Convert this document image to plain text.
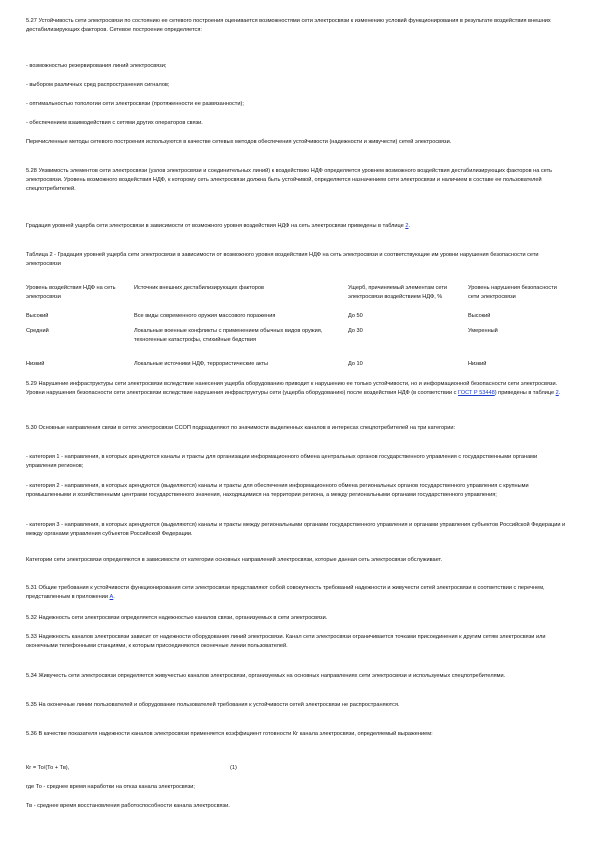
5.27 Устойчивость сети электросвязи по состоянию ее сетевого построения оценивается возможностями сети электросвязи к изменению условий функционирования в результате воздействия внешних дестабилизирующих факторов. Сетевое построение определяется:

- возможностью резервирования линий электросвязи;

- выбором различных сред распространения сигналов;

- оптимальностью топологии сети электросвязи (протяженности ее развязанности);

- обеспечением взаимодействия с сетями других операторов связи.

Перечисленные методы сетевого построения используются в качестве сетевых методов обеспечения устойчивости (надежности и живучести) сетей электросвязи.

5.28 Уязвимость элементов сети электросвязи (узлов электросвязи и соединительных линий) к воздействию НДФ определяется уровнем возможного воздействия дестабилизирующих факторов на сеть электросвязи. Уровень возможного воздействия НДФ, к которому сеть электросвязи должна быть устойчивой, определяется назначением сети электросвязи и наличием в составе ее пользователей спецпотребителей.

Градация уровней ущерба сети электросвязи в зависимости от возможного уровня воздействия НДФ на сеть электросвязи приведены в таблице 2.

Таблица 2 - Градация уровней ущерба сети электросвязи в зависимости от возможного уровня воздействия НДФ на сеть электросвязи и соответствующие им уровни нарушения безопасности сети электросвязи

Уровень воздействия НДФ на сеть электросвязи	Источник внешних дестабилизирующих факторов	Ущерб, причиняемый элементам сети электросвязи воздействием НДФ, %	Уровень нарушения безопасности сети электросвязи
Высокий	Все виды современного оружия массового поражения	До 50	Высокий
Средний	Локальные военные конфликты с применением обычных видов оружия, техногенные катастрофы, стихийные бедствия	До 30	Умеренный
Низкий	Локальные источники НДФ, террористические акты	До 10	Низкий

5.29 Нарушение инфраструктуры сети электросвязи вследствие нанесения ущерба оборудованию приводит к нарушению ее только устойчивости, но и информационной безопасности сети электросвязи. Уровни нарушения безопасности сети электросвязи вследствие нарушения инфраструктуры сети (ущерба оборудованию) после воздействия НДФ (в соответствии с ГОСТ Р 53448) приведены в таблице 2.

5.30 Основные направления связи в сетях электросвязи ССОП подразделяют по значимости выделенных каналов в интересах спецпотребителей на три категории:

- категория 1 - направления, в которых арендуются каналы и тракты для организации информационного обмена центральных органов государственного управления с государственными органами управления регионов;

- категория 2 - направления, в которых арендуются (выделяются) каналы и тракты для обеспечения информационного обмена региональных органов государственного управления с крупными промышленными и хозяйственными центрами государственного значения, находящимися на территории региона, а между региональными органами государственного управления;

- категория 3 - направления, в которых арендуются (выделяются) каналы и тракты между региональными органами государственного управления и органами управления субъектов Российской Федерации и между органами управления субъектов Российской Федерации.

Категории сети электросвязи определяются в зависимости от категории основных направлений электросвязи, которые данная сеть электросвязи обслуживает.

5.31 Общие требования к устойчивости функционирования сети электросвязи представляют собой совокупность требований надежности и живучести сетей электросвязи в соответствии с перечнем, представленным в приложении А.

5.32 Надежность сети электросвязи определяется надежностью каналов связи, организуемых в сети электросвязи.

5.33 Надежность каналов электросвязи зависит от надежности оборудования линий электросвязи. Канал сети электросвязи ограничивается точками присоединения к другим сетям электросвязи или оконечными телефонными станциями, к которым присоединяются оконечные линии пользователей.

5.34 Живучесть сети электросвязи определяется живучестью каналов электросвязи, организуемых на основных направлениях сети электросвязи и используемых спецпотребителями.

5.35 На оконечные линии пользователей и оборудование пользователей требования к устойчивости сетей электросвязи не распространяются.

5.36 В качестве показателя надежности каналов электросвязи применяется коэффициент готовности Кг канала электросвязи, определяемый выражением:

Кг = То/(То + Тв),	(1)

где То - среднее время наработки на отказ канала электросвязи;

Тв - среднее время восстановления работоспособности канала электросвязи.
